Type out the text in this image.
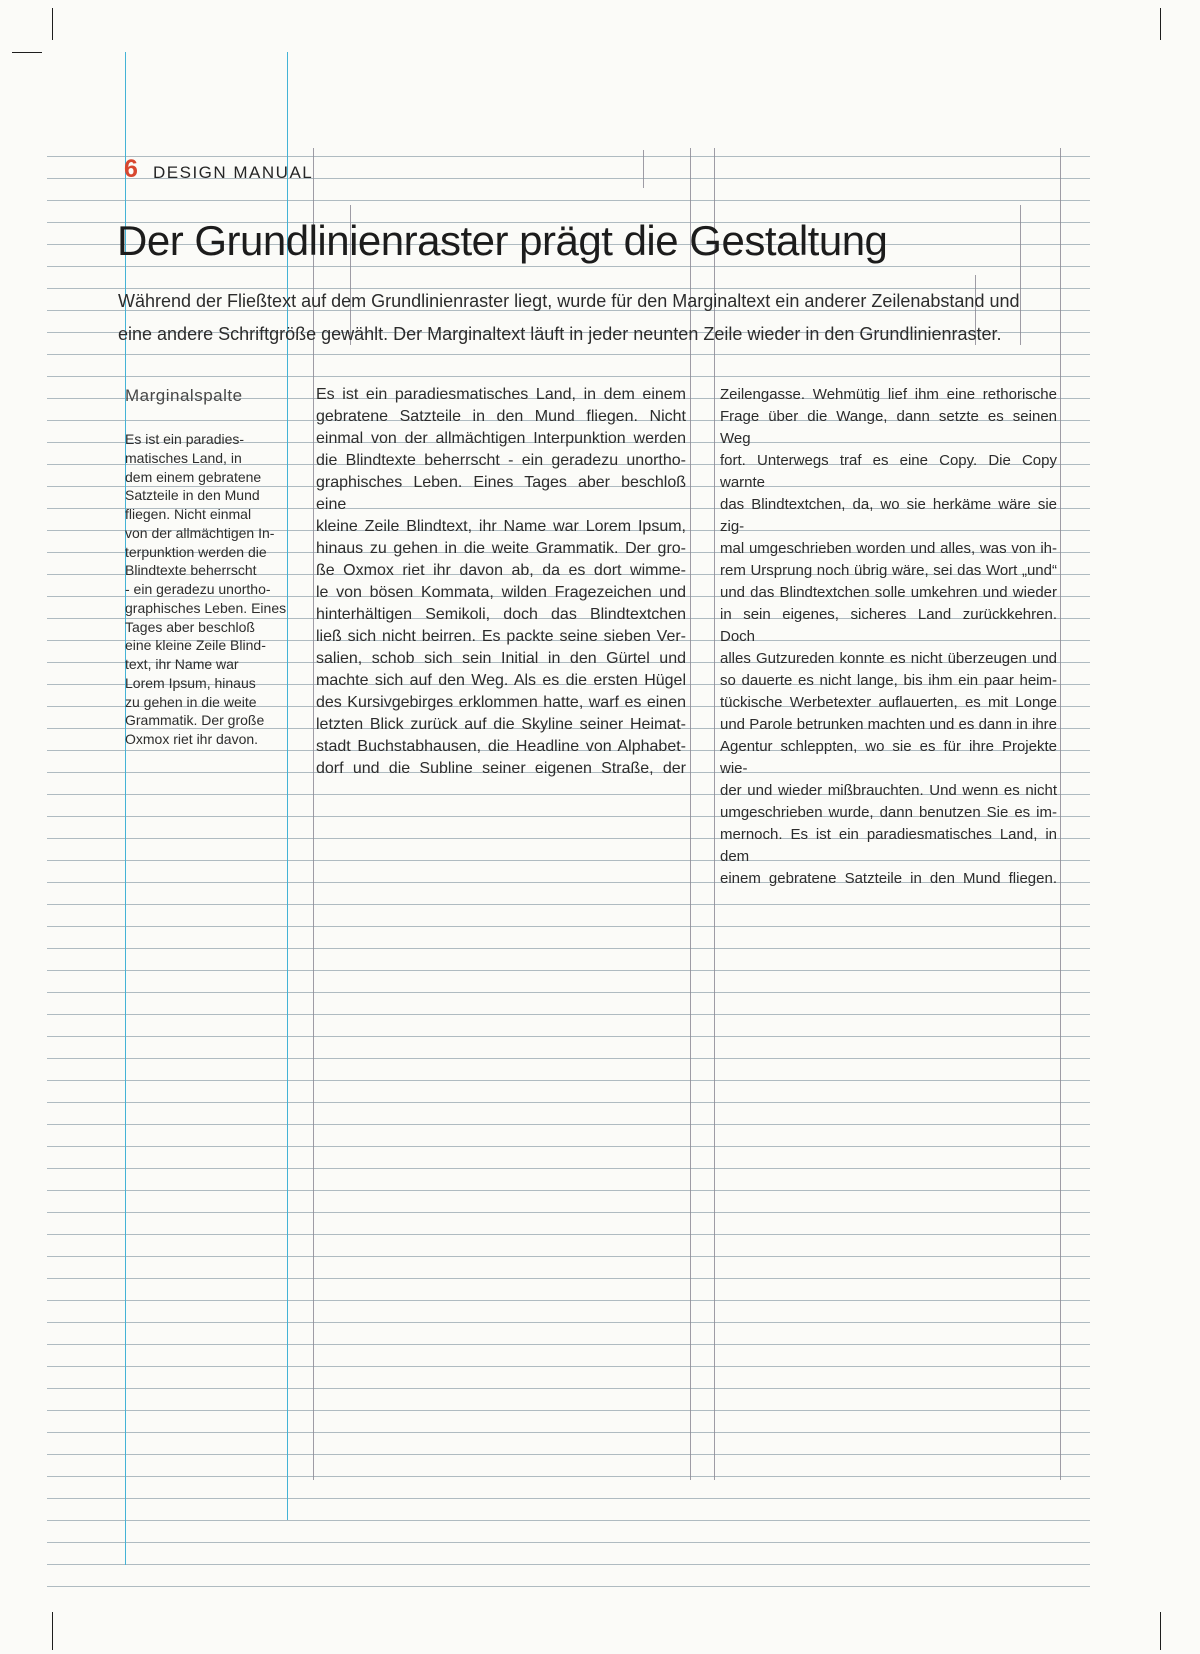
6 DESIGN MANUAL
Der Grundlinienraster prägt die Gestaltung
Während der Fließtext auf dem Grundlinienraster liegt, wurde für den Marginaltext ein anderer Zeilenabstand und
eine andere Schriftgröße gewählt. Der Marginaltext läuft in jeder neunten Zeile wieder in den Grundlinienraster.
Marginalspalte
Es ist ein paradies-
matisches Land, in
dem einem gebratene
Satzteile in den Mund
fliegen. Nicht einmal
von der allmächtigen In-
terpunktion werden die
Blindtexte beherrscht
- ein geradezu unortho-
graphisches Leben. Eines
Tages aber beschloß
eine kleine Zeile Blind-
text, ihr Name war
Lorem Ipsum, hinaus
zu gehen in die weite
Grammatik. Der große
Oxmox riet ihr davon.
Es ist ein paradiesmatisches Land, in dem einem
gebratene Satzteile in den Mund fliegen. Nicht
einmal von der allmächtigen Interpunktion werden
die Blindtexte beherrscht - ein geradezu unortho-
graphisches Leben. Eines Tages aber beschloß eine
kleine Zeile Blindtext, ihr Name war Lorem Ipsum,
hinaus zu gehen in die weite Grammatik. Der gro-
ße Oxmox riet ihr davon ab, da es dort wimme-
le von bösen Kommata, wilden Fragezeichen und
hinterhältigen Semikoli, doch das Blindtextchen
ließ sich nicht beirren. Es packte seine sieben Ver-
salien, schob sich sein Initial in den Gürtel und
machte sich auf den Weg. Als es die ersten Hügel
des Kursivgebirges erklommen hatte, warf es einen
letzten Blick zurück auf die Skyline seiner Heimat-
stadt Buchstabhausen, die Headline von Alphabet-
dorf und die Subline seiner eigenen Straße, der
Zeilengasse. Wehmütig lief ihm eine rethorische
Frage über die Wange, dann setzte es seinen Weg
fort. Unterwegs traf es eine Copy. Die Copy warnte
das Blindtextchen, da, wo sie herkäme wäre sie zig-
mal umgeschrieben worden und alles, was von ih-
rem Ursprung noch übrig wäre, sei das Wort „und“
und das Blindtextchen solle umkehren und wieder
in sein eigenes, sicheres Land zurückkehren. Doch
alles Gutzureden konnte es nicht überzeugen und
so dauerte es nicht lange, bis ihm ein paar heim-
tückische Werbetexter auflauerten, es mit Longe
und Parole betrunken machten und es dann in ihre
Agentur schleppten, wo sie es für ihre Projekte wie-
der und wieder mißbrauchten. Und wenn es nicht
umgeschrieben wurde, dann benutzen Sie es im-
mernoch. Es ist ein paradiesmatisches Land, in dem
einem gebratene Satzteile in den Mund fliegen.
